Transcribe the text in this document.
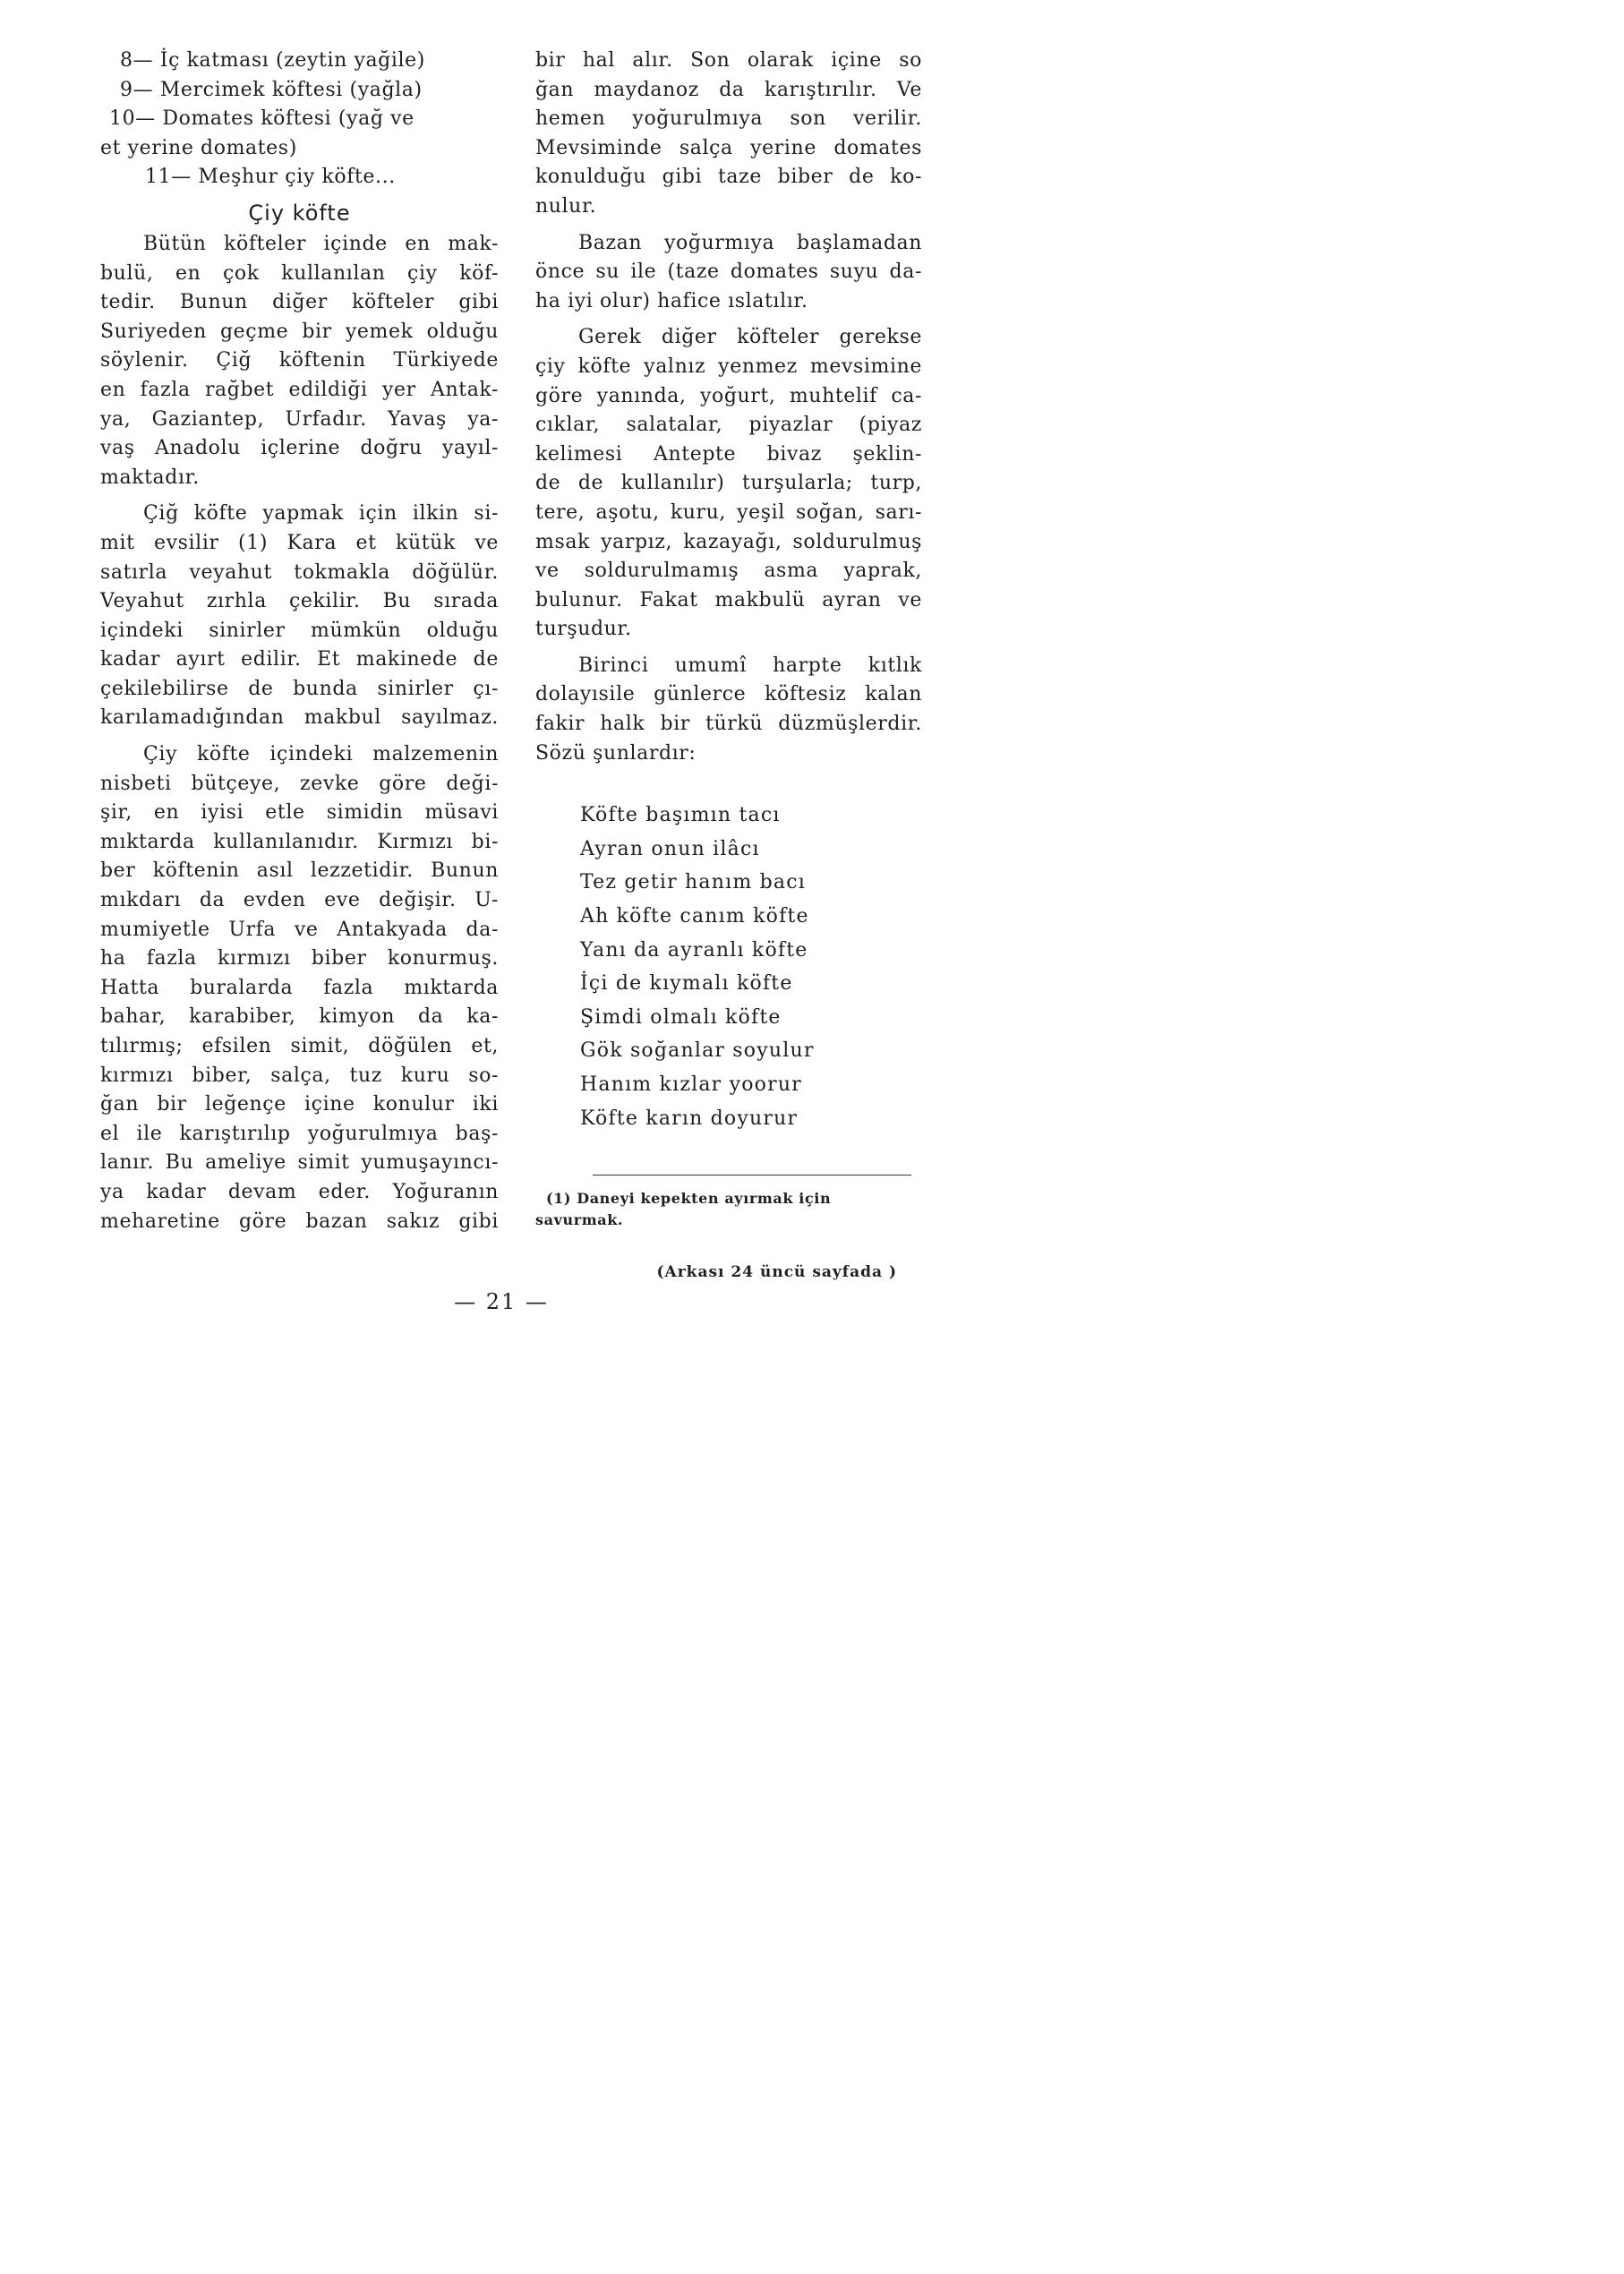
8— İç katması (zeytin yağile)
9— Mercimek köftesi (yağla)
10— Domates köftesi (yağ ve
et yerine domates)
11— Meşhur çiy köfte...
Çiy köfte
Bütün köfteler içinde en mak-
bulü, en çok kullanılan çiy köf-
tedir. Bunun diğer köfteler gibi
Suriyeden geçme bir yemek olduğu
söylenir. Çiğ köftenin Türkiyede
en fazla rağbet edildiği yer Antak-
ya, Gaziantep, Urfadır. Yavaş ya-
vaş Anadolu içlerine doğru yayıl-
maktadır.
Çiğ köfte yapmak için ilkin si-
mit evsilir (1) Kara et kütük ve
satırla veyahut tokmakla döğülür.
Veyahut zırhla çekilir. Bu sırada
içindeki sinirler mümkün olduğu
kadar ayırt edilir. Et makinede de
çekilebilirse de bunda sinirler çı-
karılamadığından makbul sayılmaz.
Çiy köfte içindeki malzemenin
nisbeti bütçeye, zevke göre deği-
şir, en iyisi etle simidin müsavi
mıktarda kullanılanıdır. Kırmızı bi-
ber köftenin asıl lezzetidir. Bunun
mıkdarı da evden eve değişir. U-
mumiyetle Urfa ve Antakyada da-
ha fazla kırmızı biber konurmuş.
Hatta buralarda fazla mıktarda
bahar, karabiber, kimyon da ka-
tılırmış; efsilen simit, döğülen et,
kırmızı biber, salça, tuz kuru so-
ğan bir leğençe içine konulur iki
el ile karıştırılıp yoğurulmıya baş-
lanır. Bu ameliye simit yumuşayıncı-
ya kadar devam eder. Yoğuranın
meharetine göre bazan sakız gibi
bir hal alır. Son olarak içine so
ğan maydanoz da karıştırılır. Ve
hemen yoğurulmıya son verilir.
Mevsiminde salça yerine domates
konulduğu gibi taze biber de ko-
nulur.
Bazan yoğurmıya başlamadan
önce su ile (taze domates suyu da-
ha iyi olur) hafice ıslatılır.
Gerek diğer köfteler gerekse
çiy köfte yalnız yenmez mevsimine
göre yanında, yoğurt, muhtelif ca-
cıklar, salatalar, piyazlar (piyaz
kelimesi Antepte bivaz şeklin-
de de kullanılır) turşularla; turp,
tere, aşotu, kuru, yeşil soğan, sarı-
msak yarpız, kazayağı, soldurulmuş
ve soldurulmamış asma yaprak,
bulunur. Fakat makbulü ayran ve
turşudur.
Birinci umumî harpte kıtlık
dolayısile günlerce köftesiz kalan
fakir halk bir türkü düzmüşlerdir.
Sözü şunlardır:
Köfte başımın tacı
Ayran onun ilâcı
Tez getir hanım bacı
Ah köfte canım köfte
Yanı da ayranlı köfte
İçi de kıymalı köfte
Şimdi olmalı köfte
Gök soğanlar soyulur
Hanım kızlar yoorur
Köfte karın doyurur
(1) Daneyi kepekten ayırmak için
savurmak.
(Arkası 24 üncü sayfada )
— 21 —
